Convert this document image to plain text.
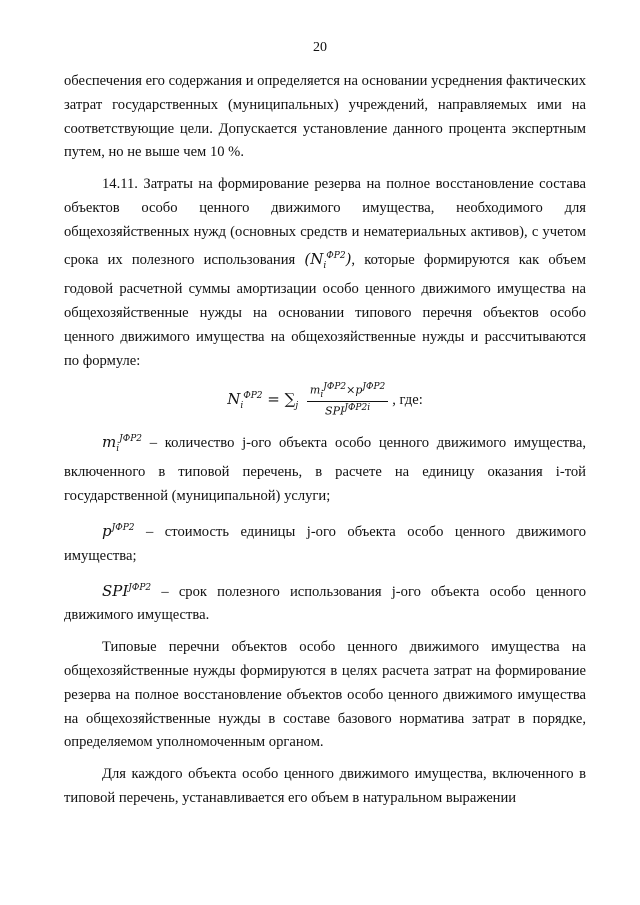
20

обеспечения его содержания и определяется на основании усреднения фактических затрат государственных (муниципальных) учреждений, направляемых ими на соответствующие цели. Допускается установление данного процента экспертным путем, но не выше чем 10 %.

14.11. Затраты на формирование резерва на полное восстановление состава объектов особо ценного движимого имущества, необходимого для общехозяйственных нужд (основных средств и нематериальных активов), с учетом срока их полезного использования $(N_i^{ФР2})$, которые формируются как объем годовой расчетной суммы амортизации особо ценного движимого имущества на общехозяйственные нужды на основании типового перечня объектов особо ценного движимого имущества на общехозяйственные нужды и рассчитываются по формуле:

$N_i^{ФР2} = \sum_j \frac{m_i^{JФР2}\times p^{JФР2}}{SPI^{JФР2i}}$ , где:

$m_i^{JФР2}$ – количество j-ого объекта особо ценного движимого имущества, включенного в типовой перечень, в расчете на единицу оказания i-той государственной (муниципальной) услуги;

$p^{JФР2}$ – стоимость единицы j-ого объекта особо ценного движимого имущества;

$SPI^{JФР2}$ – срок полезного использования j-ого объекта особо ценного движимого имущества.

Типовые перечни объектов особо ценного движимого имущества на общехозяйственные нужды формируются в целях расчета затрат на формирование резерва на полное восстановление объектов особо ценного движимого имущества на общехозяйственные нужды в составе базового норматива затрат в порядке, определяемом уполномоченным органом.

Для каждого объекта особо ценного движимого имущества, включенного в типовой перечень, устанавливается его объем в натуральном выражении
